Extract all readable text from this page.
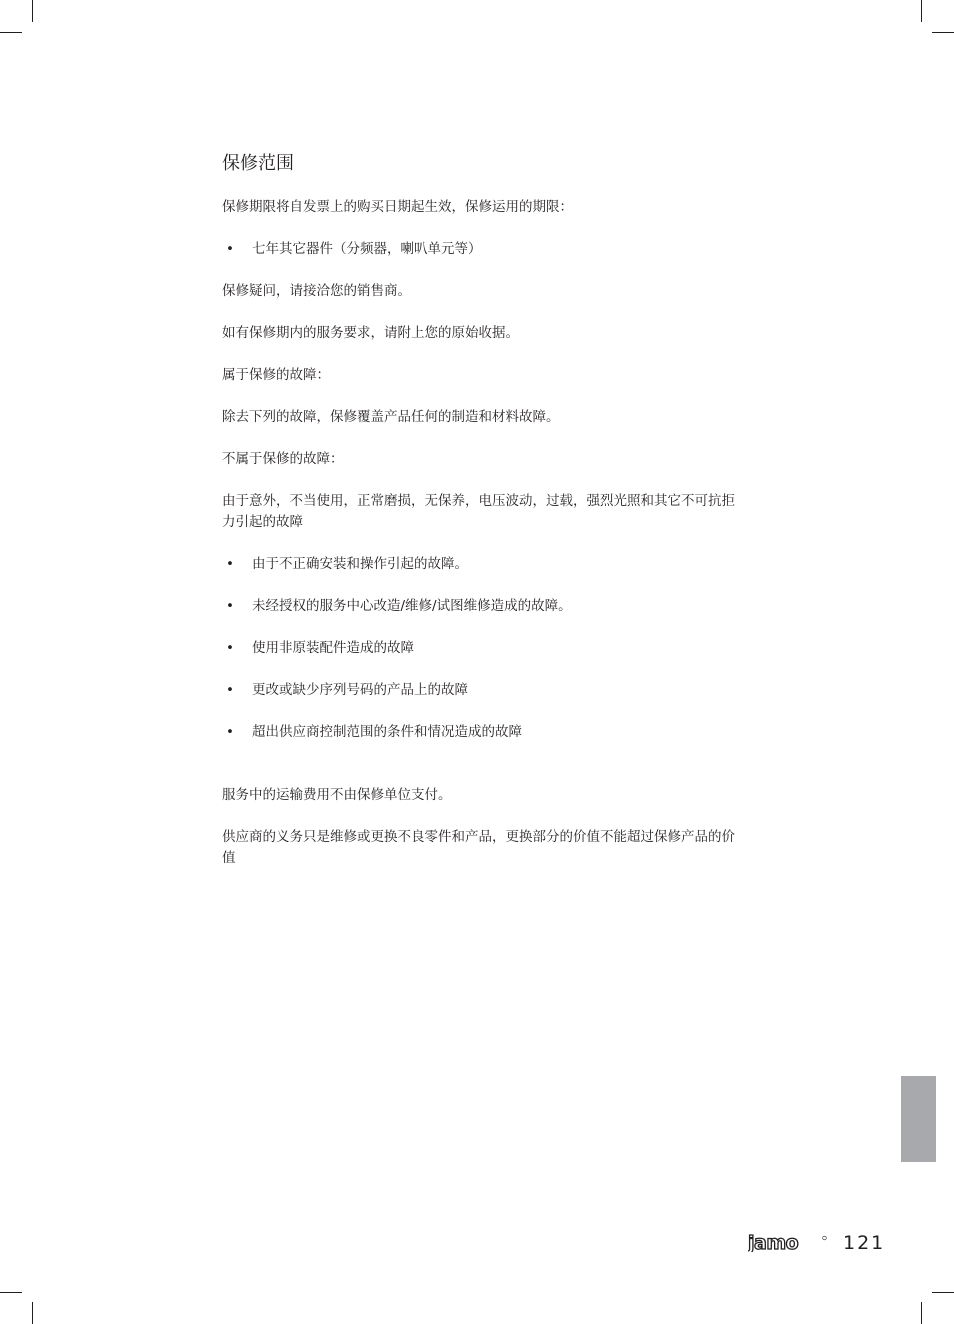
保修范围

保修期限将自发票上的购买日期起生效，保修运用的期限：

• 七年其它器件（分频器，喇叭单元等）

保修疑问，请接洽您的销售商。

如有保修期内的服务要求，请附上您的原始收据。

属于保修的故障：

除去下列的故障，保修覆盖产品任何的制造和材料故障。

不属于保修的故障：

由于意外，不当使用，正常磨损，无保养，电压波动，过载，强烈光照和其它不可抗拒力引起的故障

• 由于不正确安装和操作引起的故障。
• 未经授权的服务中心改造/维修/试图维修造成的故障。
• 使用非原装配件造成的故障
• 更改或缺少序列号码的产品上的故障
• 超出供应商控制范围的条件和情况造成的故障

服务中的运输费用不由保修单位支付。

供应商的义务只是维修或更换不良零件和产品，更换部分的价值不能超过保修产品的价值

jamo 121
